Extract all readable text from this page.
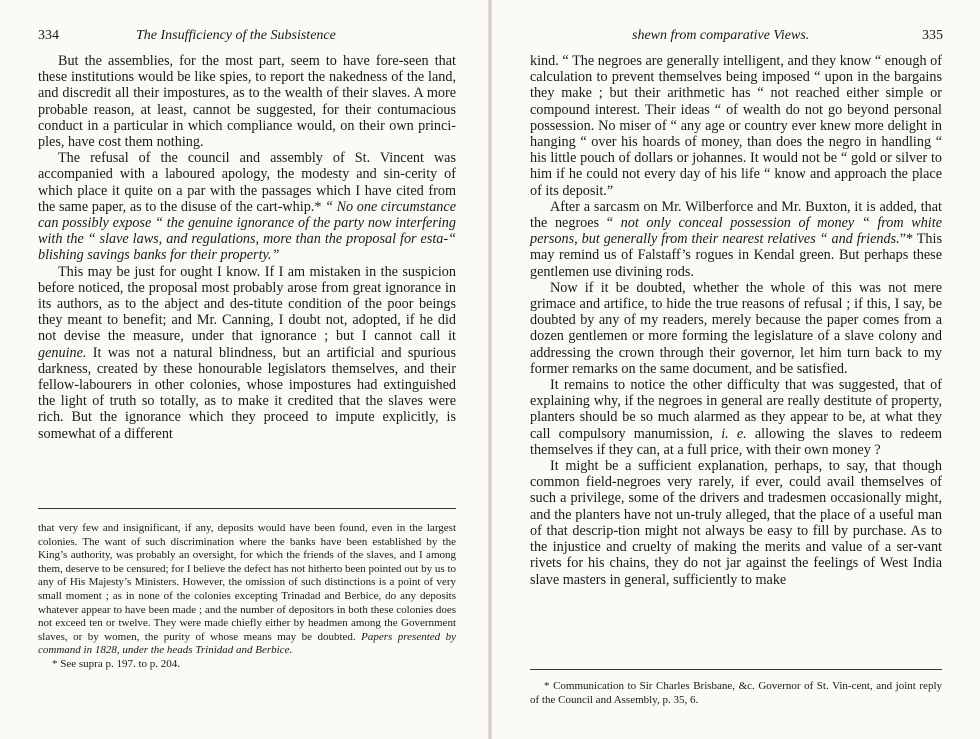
334	The Insufficiency of the Subsistence

But the assemblies, for the most part, seem to have fore-seen that these institutions would be like spies, to report the nakedness of the land, and discredit all their impostures, as to the wealth of their slaves. A more probable reason, at least, cannot be suggested, for their contumacious conduct in a particular in which compliance would, on their own princi-ples, have cost them nothing.

The refusal of the council and assembly of St. Vincent was accompanied with a laboured apology, the modesty and sin-cerity of which place it quite on a par with the passages which I have cited from the same paper, as to the disuse of the cart-whip.* “ No one circumstance can possibly expose “ the genuine ignorance of the party now interfering with the “ slave laws, and regulations, more than the proposal for esta-“ blishing savings banks for their property.”

This may be just for ought I know. If I am mistaken in the suspicion before noticed, the proposal most probably arose from great ignorance in its authors, as to the abject and des-titute condition of the poor beings they meant to benefit; and Mr. Canning, I doubt not, adopted, if he did not devise the measure, under that ignorance ; but I cannot call it genuine. It was not a natural blindness, but an artificial and spurious darkness, created by these honourable legislators themselves, and their fellow-labourers in other colonies, whose impostures had extinguished the light of truth so totally, as to make it credited that the slaves were rich. But the ignorance which they proceed to impute explicitly, is somewhat of a different

that very few and insignificant, if any, deposits would have been found, even in the largest colonies. The want of such discrimination where the banks have been established by the King’s authority, was probably an oversight, for which the friends of the slaves, and I among them, deserve to be censured; for I believe the defect has not hitherto been pointed out by us to any of His Majesty’s Ministers. However, the omission of such distinctions is a point of very small moment ; as in none of the colonies excepting Trinadad and Berbice, do any deposits whatever appear to have been made ; and the number of depositors in both these colonies does not exceed ten or twelve. They were made chiefly either by headmen among the Government slaves, or by women, the purity of whose means may be doubted. Papers presented by command in 1828, under the heads Trinidad and Berbice.

* See supra p. 197. to p. 204.

shewn from comparative Views.	335

kind. “ The negroes are generally intelligent, and they know “ enough of calculation to prevent themselves being imposed “ upon in the bargains they make ; but their arithmetic has “ not reached either simple or compound interest. Their ideas “ of wealth do not go beyond personal possession. No miser of “ any age or country ever knew more delight in hanging “ over his hoards of money, than does the negro in handling “ his little pouch of dollars or johannes. It would not be “ gold or silver to him if he could not every day of his life “ know and approach the place of its deposit.”

After a sarcasm on Mr. Wilberforce and Mr. Buxton, it is added, that the negroes “ not only conceal possession of money “ from white persons, but generally from their nearest relatives “ and friends.”* This may remind us of Falstaff’s rogues in Kendal green. But perhaps these gentlemen use divining rods.

Now if it be doubted, whether the whole of this was not mere grimace and artifice, to hide the true reasons of refusal ; if this, I say, be doubted by any of my readers, merely because the paper comes from a dozen gentlemen or more forming the legislature of a slave colony and addressing the crown through their governor, let him turn back to my former remarks on the same document, and be satisfied.

It remains to notice the other difficulty that was suggested, that of explaining why, if the negroes in general are really destitute of property, planters should be so much alarmed as they appear to be, at what they call compulsory manumission, i. e. allowing the slaves to redeem themselves if they can, at a full price, with their own money ?

It might be a sufficient explanation, perhaps, to say, that though common field-negroes very rarely, if ever, could avail themselves of such a privilege, some of the drivers and tradesmen occasionally might, and the planters have not un-truly alleged, that the place of a useful man of that descrip-tion might not always be easy to fill by purchase. As to the injustice and cruelty of making the merits and value of a ser-vant rivets for his chains, they do not jar against the feelings of West India slave masters in general, sufficiently to make

* Communication to Sir Charles Brisbane, &c. Governor of St. Vin-cent, and joint reply of the Council and Assembly, p. 35, 6.
